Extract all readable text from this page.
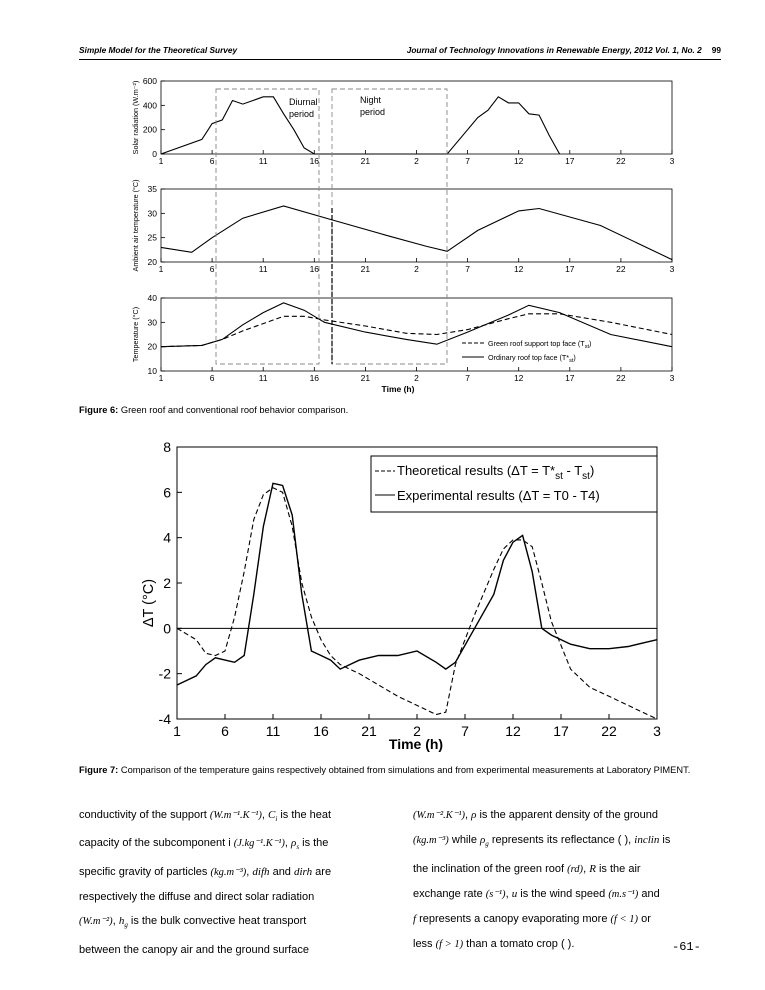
Simple Model for the Theoretical Survey	Journal of Technology Innovations in Renewable Energy, 2012 Vol. 1, No. 2 99
600
400
200
0
Solar radiation (W.m⁻²)
1	6	11	16	21	2	7	12	17	22	3
35
30
25
20
Ambient air temperature (°C) 1	6	11	16	21	2	7	12	17	22	3
40
30
20
10
Temperature (°C)
1	6	11	16	21	2	7	12	17	22	3
Diurnal
period
Night
period
Time (h)
Green roof support top face $(T_{st})$
Ordinary roof top face $(T*_{st})$
Figure 6: Green roof and conventional roof behavior comparison.
8
6
4
2
0
-2
-4
1	6	11 16 21	2	7	12 17 22	3
ΔT (°C)
Time (h)
Theoretical results $(\Delta T = T*_{st} - T_{st})$
Experimental results (ΔT = T0 - T4)
Figure 7: Comparison of the temperature gains respectively obtained from simulations and from experimental measurements at Laboratory PIMENT.
conductivity of the support (W.m⁻¹.K⁻¹), $C_i$ is the heat
capacity of the subcomponent i (J.kg⁻¹.K⁻¹), $\rho_s$ is the
specific gravity of particles (kg.m⁻³), difh and dirh are
respectively the diffuse and direct solar radiation
(W.m⁻²), $h_g$ is the bulk convective heat transport
between the canopy air and the ground surface
(W.m⁻².K⁻¹), ρ is the apparent density of the ground
(kg.m⁻³) while $\rho_g$ represents its reflectance ( ), inclin is
the inclination of the green roof (rd), R is the air
exchange rate (s⁻¹), u is the wind speed (m.s⁻¹) and
f represents a canopy evaporating more (f < 1) or
less (f > 1) than a tomato crop ( ).	-61-
